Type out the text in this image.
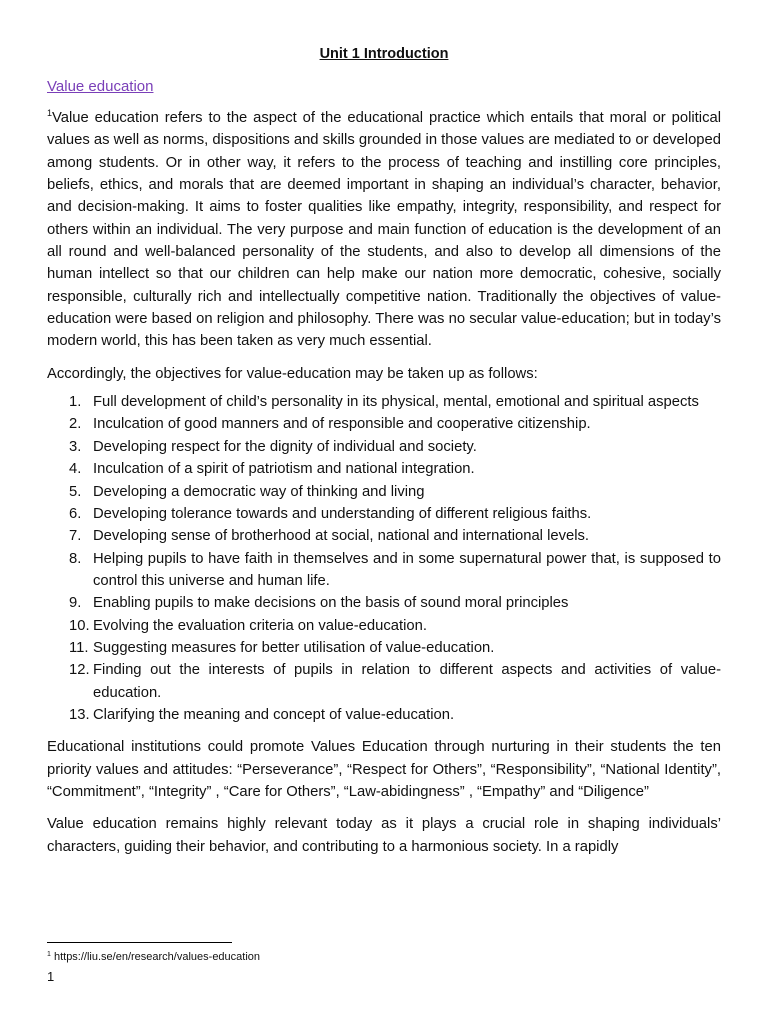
Unit 1 Introduction
Value education

$^1$Value education refers to the aspect of the educational practice which entails that moral or political values as well as norms, dispositions and skills grounded in those values are mediated to or developed among students. Or in other way, it refers to the process of teaching and instilling core principles, beliefs, ethics, and morals that are deemed important in shaping an individual’s character, behavior, and decision-making. It aims to foster qualities like empathy, integrity, responsibility, and respect for others within an individual. The very purpose and main function of education is the development of an all round and well-balanced personality of the students, and also to develop all dimensions of the human intellect so that our children can help make our nation more democratic, cohesive, socially responsible, culturally rich and intellectually competitive nation. Traditionally the objectives of value-education were based on religion and philosophy. There was no secular value-education; but in today’s modern world, this has been taken as very much essential.

Accordingly, the objectives for value-education may be taken up as follows:

1. Full development of child’s personality in its physical, mental, emotional and spiritual aspects
2. Inculcation of good manners and of responsible and cooperative citizenship.
3. Developing respect for the dignity of individual and society.
4. Inculcation of a spirit of patriotism and national integration.
5. Developing a democratic way of thinking and living
6. Developing tolerance towards and understanding of different religious faiths.
7. Developing sense of brotherhood at social, national and international levels.
8. Helping pupils to have faith in themselves and in some supernatural power that, is supposed to control this universe and human life.
9. Enabling pupils to make decisions on the basis of sound moral principles
10. Evolving the evaluation criteria on value-education.
11. Suggesting measures for better utilisation of value-education.
12. Finding out the interests of pupils in relation to different aspects and activities of value-education.
13. Clarifying the meaning and concept of value-education.

Educational institutions could promote Values Education through nurturing in their students the ten priority values and attitudes: “Perseverance”, “Respect for Others”, “Responsibility”, “National Identity”, “Commitment”, “Integrity” , “Care for Others”, “Law-abidingness” , “Empathy” and “Diligence”

Value education remains highly relevant today as it plays a crucial role in shaping individuals’ characters, guiding their behavior, and contributing to a harmonious society. In a rapidly

$^1$ https://liu.se/en/research/values-education
1
